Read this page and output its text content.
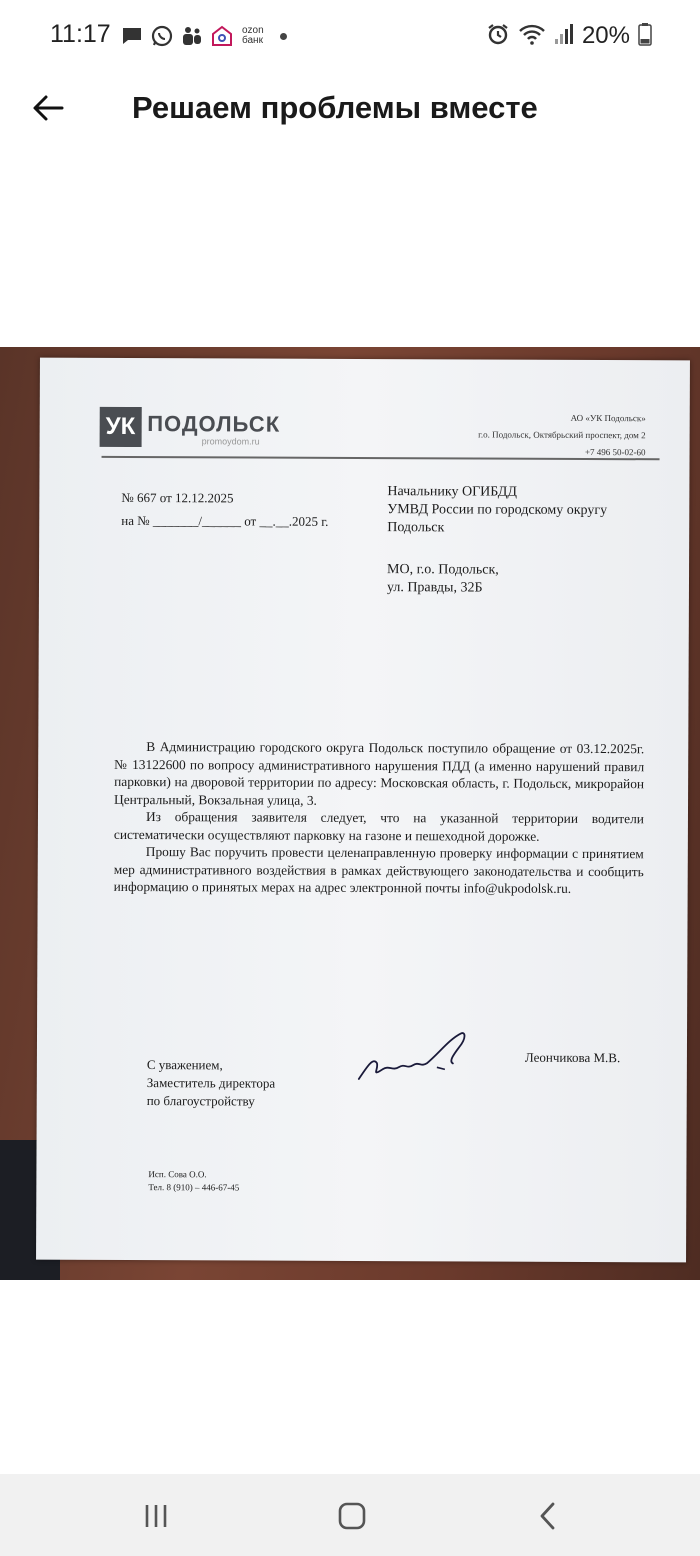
11:17	ozon
банк	20%
Решаем проблемы вместе
УК ПОДОЛЬСК
promoydom.ru
АО «УК Подольск»
г.о. Подольск, Октябрьский проспект, дом 2
+7 496 50-02-60
№ 667 от 12.12.2025
на № _______/______ от __.__.2025 г.
Начальнику ОГИБДД
УМВД России по городскому округу
Подольск
МО, г.о. Подольск,
ул. Правды, 32Б

В Администрацию городского округа Подольск поступило обращение от 03.12.2025г. № 13122600 по вопросу административного нарушения ПДД (а именно нарушений правил парковки) на дворовой территории по адресу: Московская область, г. Подольск, микрорайон Центральный, Вокзальная улица, 3.

Из обращения заявителя следует, что на указанной территории водители систематически осуществляют парковку на газоне и пешеходной дорожке.

Прошу Вас поручить провести целенаправленную проверку информации с принятием мер административного воздействия в рамках действующего законодательства и сообщить информацию о принятых мерах на адрес электронной почты info@ukpodolsk.ru.

С уважением,
Заместитель директора
по благоустройству
Леончикова М.В.
Исп. Сова О.О.
Тел. 8 (910) – 446-67-45
